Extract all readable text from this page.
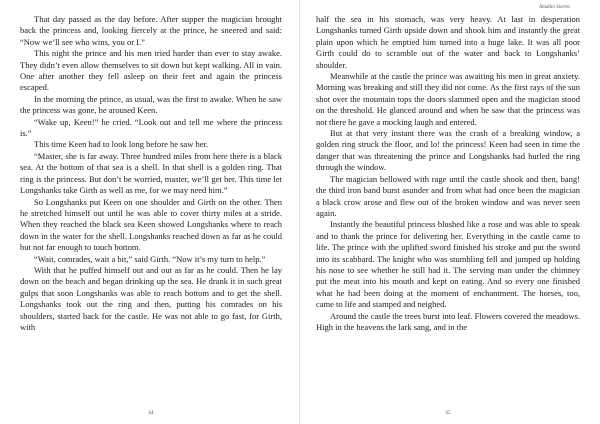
That day passed as the day before. After supper the magician brought back the princess and, looking fiercely at the prince, he sneered and said: “Now we’ll see who wins, you or I.”

This night the prince and his men tried harder than ever to stay awake. They didn’t even allow themselves to sit down but kept walking. All in vain. One after another they fell asleep on their feet and again the princess escaped.

In the morning the prince, as usual, was the first to awake. When he saw the princess was gone, he aroused Keen.

“Wake up, Keen!” he cried. “Look out and tell me where the princess is.”

This time Keen had to look long before he saw her.

“Master, she is far away. Three hundred miles from here there is a black sea. At the bottom of that sea is a shell. In that shell is a golden ring. That ring is the princess. But don’t be worried, master, we’ll get her. This time let Longshanks take Girth as well as me, for we may need him.”

So Longshanks put Keen on one shoulder and Girth on the other. Then he stretched himself out until he was able to cover thirty miles at a stride. When they reached the black sea Keen showed Longshanks where to reach down in the water for the shell. Longshanks reached down as far as he could but not far enough to touch bottom.

“Wait, comrades, wait a bit,” said Girth. “Now it’s my turn to help.”

With that he puffed himself out and out as far as he could. Then he lay down on the beach and began drinking up the sea. He drank it in such great gulps that soon Longshanks was able to reach bottom and to get the shell. Longshanks took out the ring and then, putting his comrades on his shoulders, started back for the castle. He was not able to go fast, for Girth, with

64
Aladdin Stories

half the sea in his stomach, was very heavy. At last in desperation Longshanks turned Girth upside down and shook him and instantly the great plain upon which he emptied him turned into a huge lake. It was all poor Girth could do to scramble out of the water and back to Longshanks’ shoulder.

Meanwhile at the castle the prince was awaiting his men in great anxiety. Morning was breaking and still they did not come. As the first rays of the sun shot over the mountain tops the doors slammed open and the magician stood on the threshold. He glanced around and when he saw that the princess was not there he gave a mocking laugh and entered.

But at that very instant there was the crash of a breaking window, a golden ring struck the floor, and lo! the princess! Keen had seen in time the danger that was threatening the prince and Longshanks had hurled the ring through the window.

The magician bellowed with rage until the castle shook and then, bang! the third iron band burst asunder and from what had once been the magician a black crow arose and flew out of the broken window and was never seen again.

Instantly the beautiful princess blushed like a rose and was able to speak and to thank the prince for delivering her. Everything in the castle came to life. The prince with the uplifted sword finished his stroke and put the sword into its scabbard. The knight who was stumbling fell and jumped up holding his nose to see whether he still had it. The serving man under the chimney put the meat into his mouth and kept on eating. And so every one finished what he had been doing at the moment of enchantment. The horses, too, came to life and stamped and neighed.

Around the castle the trees burst into leaf. Flowers covered the meadows. High in the heavens the lark sang, and in the

65
